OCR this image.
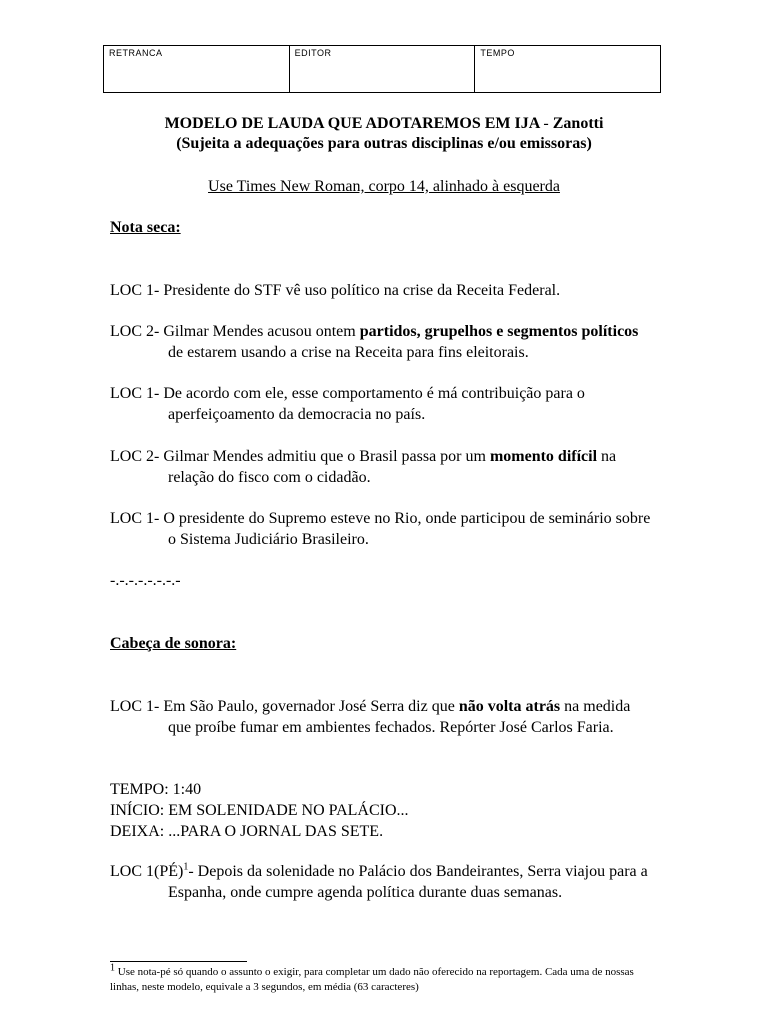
RETRANCA	EDITOR	TEMPO
MODELO DE LAUDA QUE ADOTAREMOS EM IJA - Zanotti
(Sujeita a adequações para outras disciplinas e/ou emissoras)
Use Times New Roman, corpo 14, alinhado à esquerda
Nota seca:
LOC 1- Presidente do STF vê uso político na crise da Receita Federal.
LOC 2- Gilmar Mendes acusou ontem partidos, grupelhos e segmentos políticos de estarem usando a crise na Receita para fins eleitorais.
LOC 1- De acordo com ele, esse comportamento é má contribuição para o aperfeiçoamento da democracia no país.
LOC 2- Gilmar Mendes admitiu que o Brasil passa por um momento difícil na relação do fisco com o cidadão.
LOC 1- O presidente do Supremo esteve no Rio, onde participou de seminário sobre o Sistema Judiciário Brasileiro.
-.-.-.-.-.-.-.-
Cabeça de sonora:
LOC 1- Em São Paulo, governador José Serra diz que não volta atrás na medida que proíbe fumar em ambientes fechados. Repórter José Carlos Faria.
TEMPO: 1:40
INÍCIO: EM SOLENIDADE NO PALÁCIO...
DEIXA: ...PARA O JORNAL DAS SETE.
LOC 1(PÉ)$^1$- Depois da solenidade no Palácio dos Bandeirantes, Serra viajou para a Espanha, onde cumpre agenda política durante duas semanas.
$^1$ Use nota-pé só quando o assunto o exigir, para completar um dado não oferecido na reportagem. Cada uma de nossas linhas, neste modelo, equivale a 3 segundos, em média (63 caracteres)
